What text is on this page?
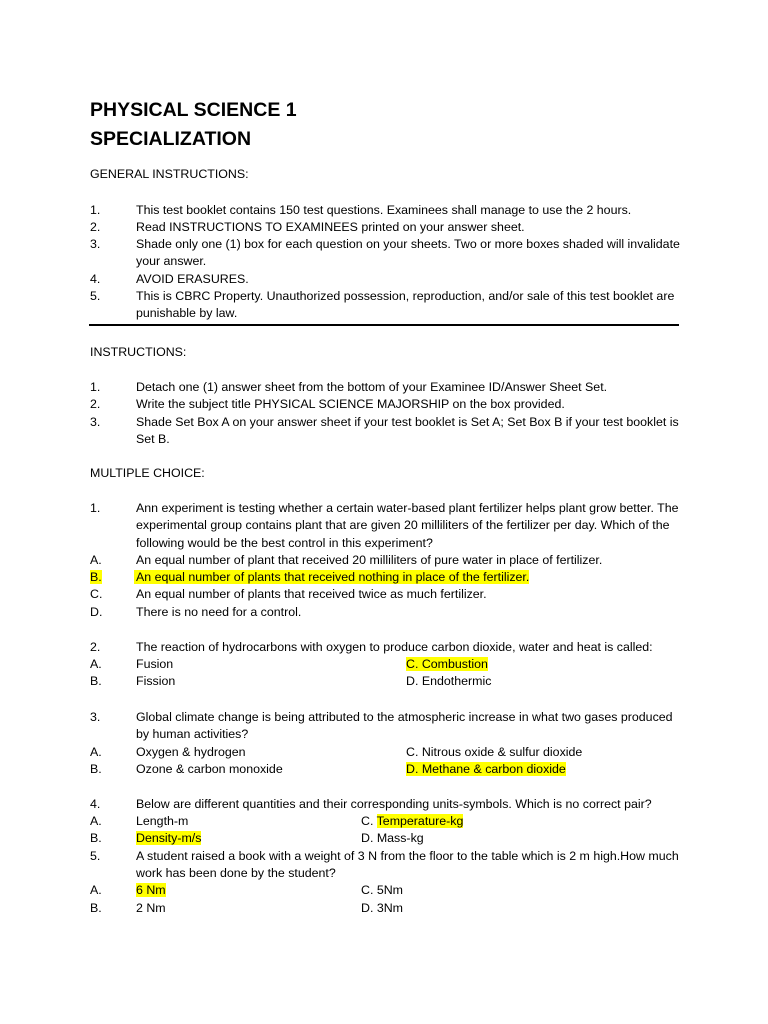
PHYSICAL SCIENCE 1
SPECIALIZATION
GENERAL INSTRUCTIONS:
1.	This test booklet contains 150 test questions. Examinees shall manage to use the 2 hours.
2.	Read INSTRUCTIONS TO EXAMINEES printed on your answer sheet.
3.	Shade only one (1) box for each question on your sheets. Two or more boxes shaded will invalidate your answer.
4.	AVOID ERASURES.
5.	This is CBRC Property. Unauthorized possession, reproduction, and/or sale of this test booklet are punishable by law.
INSTRUCTIONS:
1.	Detach one (1) answer sheet from the bottom of your Examinee ID/Answer Sheet Set.
2.	Write the subject title PHYSICAL SCIENCE MAJORSHIP on the box provided.
3.	Shade Set Box A on your answer sheet if your test booklet is Set A; Set Box B if your test booklet is Set B.
MULTIPLE CHOICE:
1.	Ann experiment is testing whether a certain water-based plant fertilizer helps plant grow better. The experimental group contains plant that are given 20 milliliters of the fertilizer per day. Which of the following would be the best control in this experiment?
A.	An equal number of plant that received 20 milliliters of pure water in place of fertilizer.
B.	An equal number of plants that received nothing in place of the fertilizer.
C.	An equal number of plants that received twice as much fertilizer.
D.	There is no need for a control.
2.	The reaction of hydrocarbons with oxygen to produce carbon dioxide, water and heat is called:
A.	Fusion	C. Combustion
B.	Fission	D. Endothermic
3.	Global climate change is being attributed to the atmospheric increase in what two gases produced by human activities?
A.	Oxygen & hydrogen	C. Nitrous oxide & sulfur dioxide
B.	Ozone & carbon monoxide	D. Methane & carbon dioxide
4.	Below are different quantities and their corresponding units-symbols. Which is no correct pair?
A.	Length-m	C. Temperature-kg
B.	Density-m/s	D. Mass-kg
5.	A student raised a book with a weight of 3 N from the floor to the table which is 2 m high.How much work has been done by the student?
A.	6 Nm	C. 5Nm
B.	2 Nm	D. 3Nm
